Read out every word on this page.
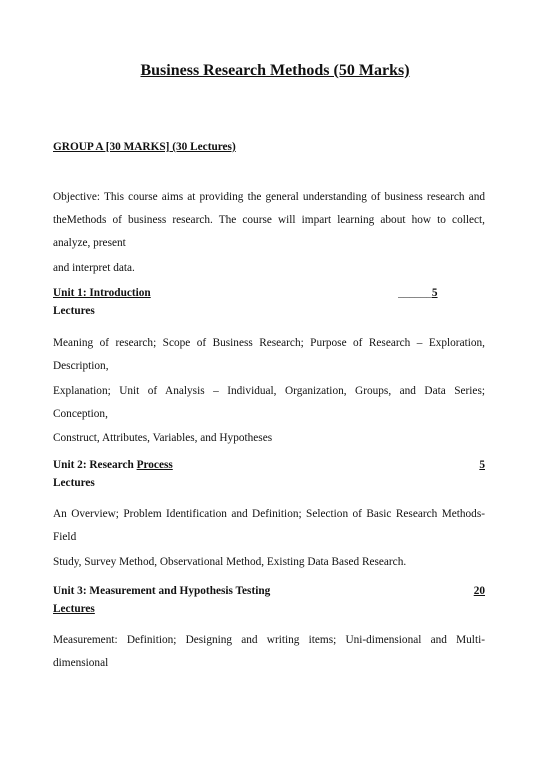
Business Research Methods (50 Marks)
GROUP A [30 MARKS] (30 Lectures)
Objective: This course aims at providing the general understanding of business research and theMethods of business research. The course will impart learning about how to collect, analyze, present
and interpret data.
Unit 1: Introduction	______5
Lectures
Meaning of research; Scope of Business Research; Purpose of Research – Exploration, Description,
Explanation; Unit of Analysis – Individual, Organization, Groups, and Data Series; Conception,
Construct, Attributes, Variables, and Hypotheses
Unit 2: Research Process	5
Lectures
An Overview; Problem Identification and Definition; Selection of Basic Research Methods- Field
Study, Survey Method, Observational Method, Existing Data Based Research.
Unit 3: Measurement and Hypothesis Testing	20
Lectures
Measurement: Definition; Designing and writing items; Uni-dimensional and Multi-dimensional
